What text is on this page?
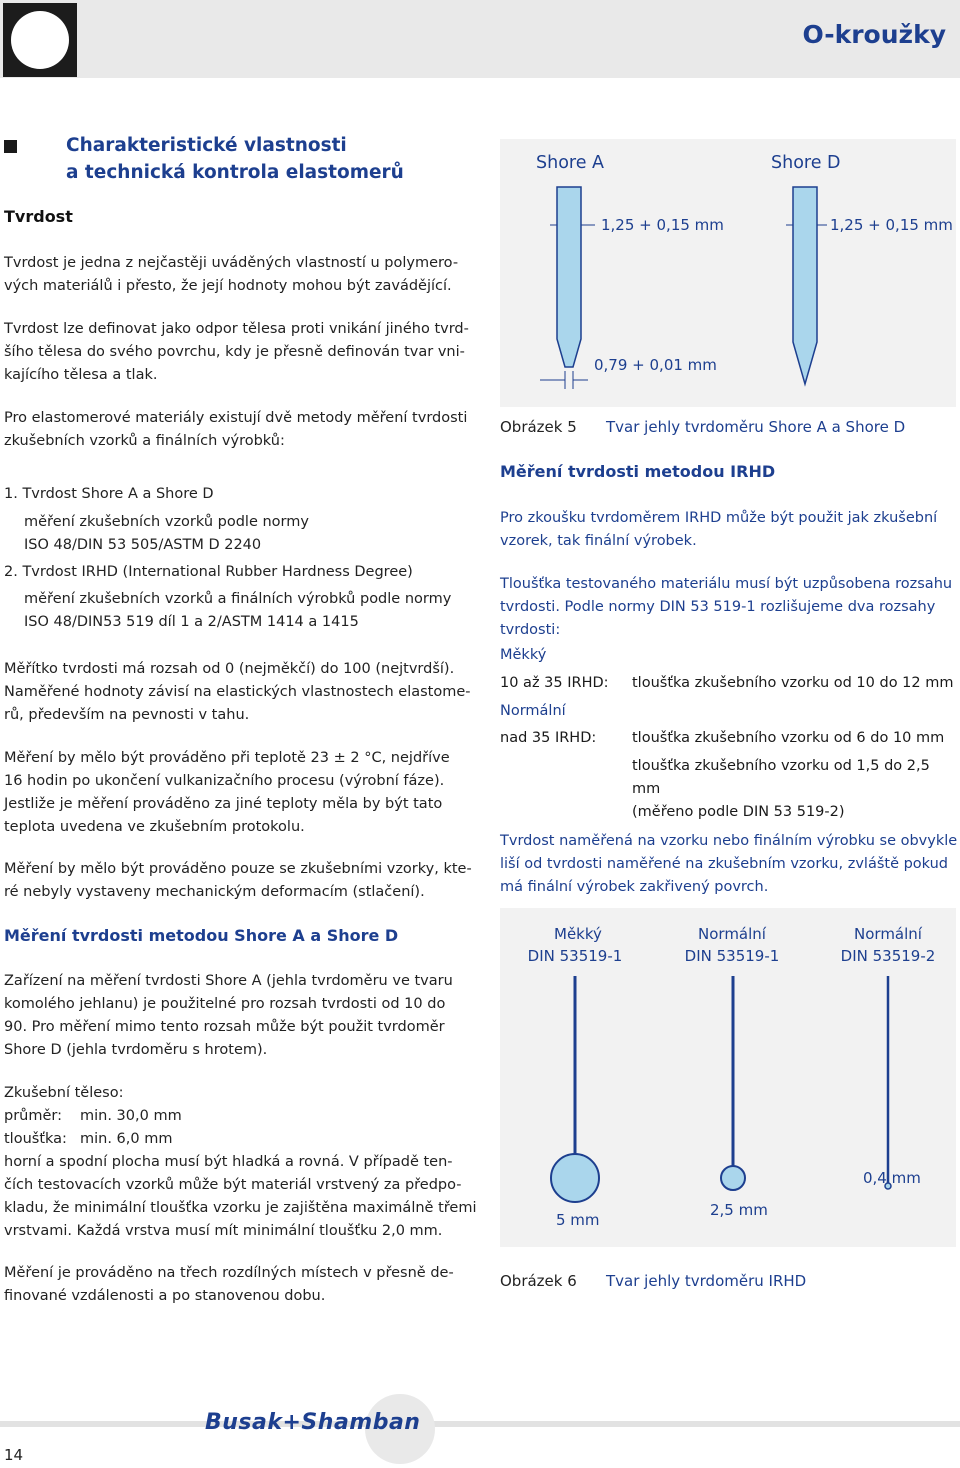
O-kroužky
Charakteristické vlastnosti
a technická kontrola elastomerů
Tvrdost
Tvrdost je jedna z nejčastěji uváděných vlastností u polymero-
vých materiálů i přesto, že její hodnoty mohou být zavádějící.
Tvrdost lze definovat jako odpor tělesa proti vnikání jiného tvrd-
šího tělesa do svého povrchu, kdy je přesně definován tvar vni-
kajícího tělesa a tlak.
Pro elastomerové materiály existují dvě metody měření tvrdosti
zkušebních vzorků a finálních výrobků:
1. Tvrdost Shore A a Shore D
měření zkušebních vzorků podle normy
ISO 48/DIN 53 505/ASTM D 2240
2. Tvrdost IRHD (International Rubber Hardness Degree)
měření zkušebních vzorků a finálních výrobků podle normy
ISO 48/DIN53 519 díl 1 a 2/ASTM 1414 a 1415
Měřítko tvrdosti má rozsah od 0 (nejměkčí) do 100 (nejtvrdší).
Naměřené hodnoty závisí na elastických vlastnostech elastome-
rů, především na pevnosti v tahu.
Měření by mělo být prováděno při teplotě 23 ± 2 °C, nejdříve
16 hodin po ukončení vulkanizačního procesu (výrobní fáze).
Jestliže je měření prováděno za jiné teploty měla by být tato
teplota uvedena ve zkušebním protokolu.
Měření by mělo být prováděno pouze se zkušebními vzorky, kte-
ré nebyly vystaveny mechanickým deformacím (stlačení).
Měření tvrdosti metodou Shore A a Shore D
Zařízení na měření tvrdosti Shore A (jehla tvrdoměru ve tvaru
komolého jehlanu) je použitelné pro rozsah tvrdosti od 10 do
90. Pro měření mimo tento rozsah může být použit tvrdoměr
Shore D (jehla tvrdoměru s hrotem).
Zkušební těleso:
průměr: min. 30,0 mm
tloušťka: min. 6,0 mm
horní a spodní plocha musí být hladká a rovná. V případě ten-
čích testovacích vzorků může být materiál vrstvený za předpo-
kladu, že minimální tloušťka vzorku je zajištěna maximálně třemi
vrstvami. Každá vrstva musí mít minimální tloušťku 2,0 mm.
Měření je prováděno na třech rozdílných místech v přesně de-
finované vzdálenosti a po stanovenou dobu.
Shore A	Shore D
1,25 + 0,15 mm	1,25 + 0,15 mm
0,79 + 0,01 mm
Obrázek 5 Tvar jehly tvrdoměru Shore A a Shore D
Měření tvrdosti metodou IRHD
Pro zkoušku tvrdoměrem IRHD může být použit jak zkušební
vzorek, tak finální výrobek.
Tloušťka testovaného materiálu musí být uzpůsobena rozsahu
tvrdosti. Podle normy DIN 53 519-1 rozlišujeme dva rozsahy
tvrdosti:
Měkký
10 až 35 IRHD: tloušťka zkušebního vzorku od 10 do 12 mm
Normální
nad 35 IRHD: tloušťka zkušebního vzorku od 6 do 10 mm
tloušťka zkušebního vzorku od 1,5 do 2,5 mm
(měřeno podle DIN 53 519-2)
Tvrdost naměřená na vzorku nebo finálním výrobku se obvykle
liší od tvrdosti naměřené na zkušebním vzorku, zvláště pokud
má finální výrobek zakřivený povrch.
Měkký
DIN 53519-1
Normální
DIN 53519-1
Normální
DIN 53519-2
5 mm
2,5 mm
0,4 mm
Obrázek 6 Tvar jehly tvrdoměru IRHD
Busak+Shamban
14
